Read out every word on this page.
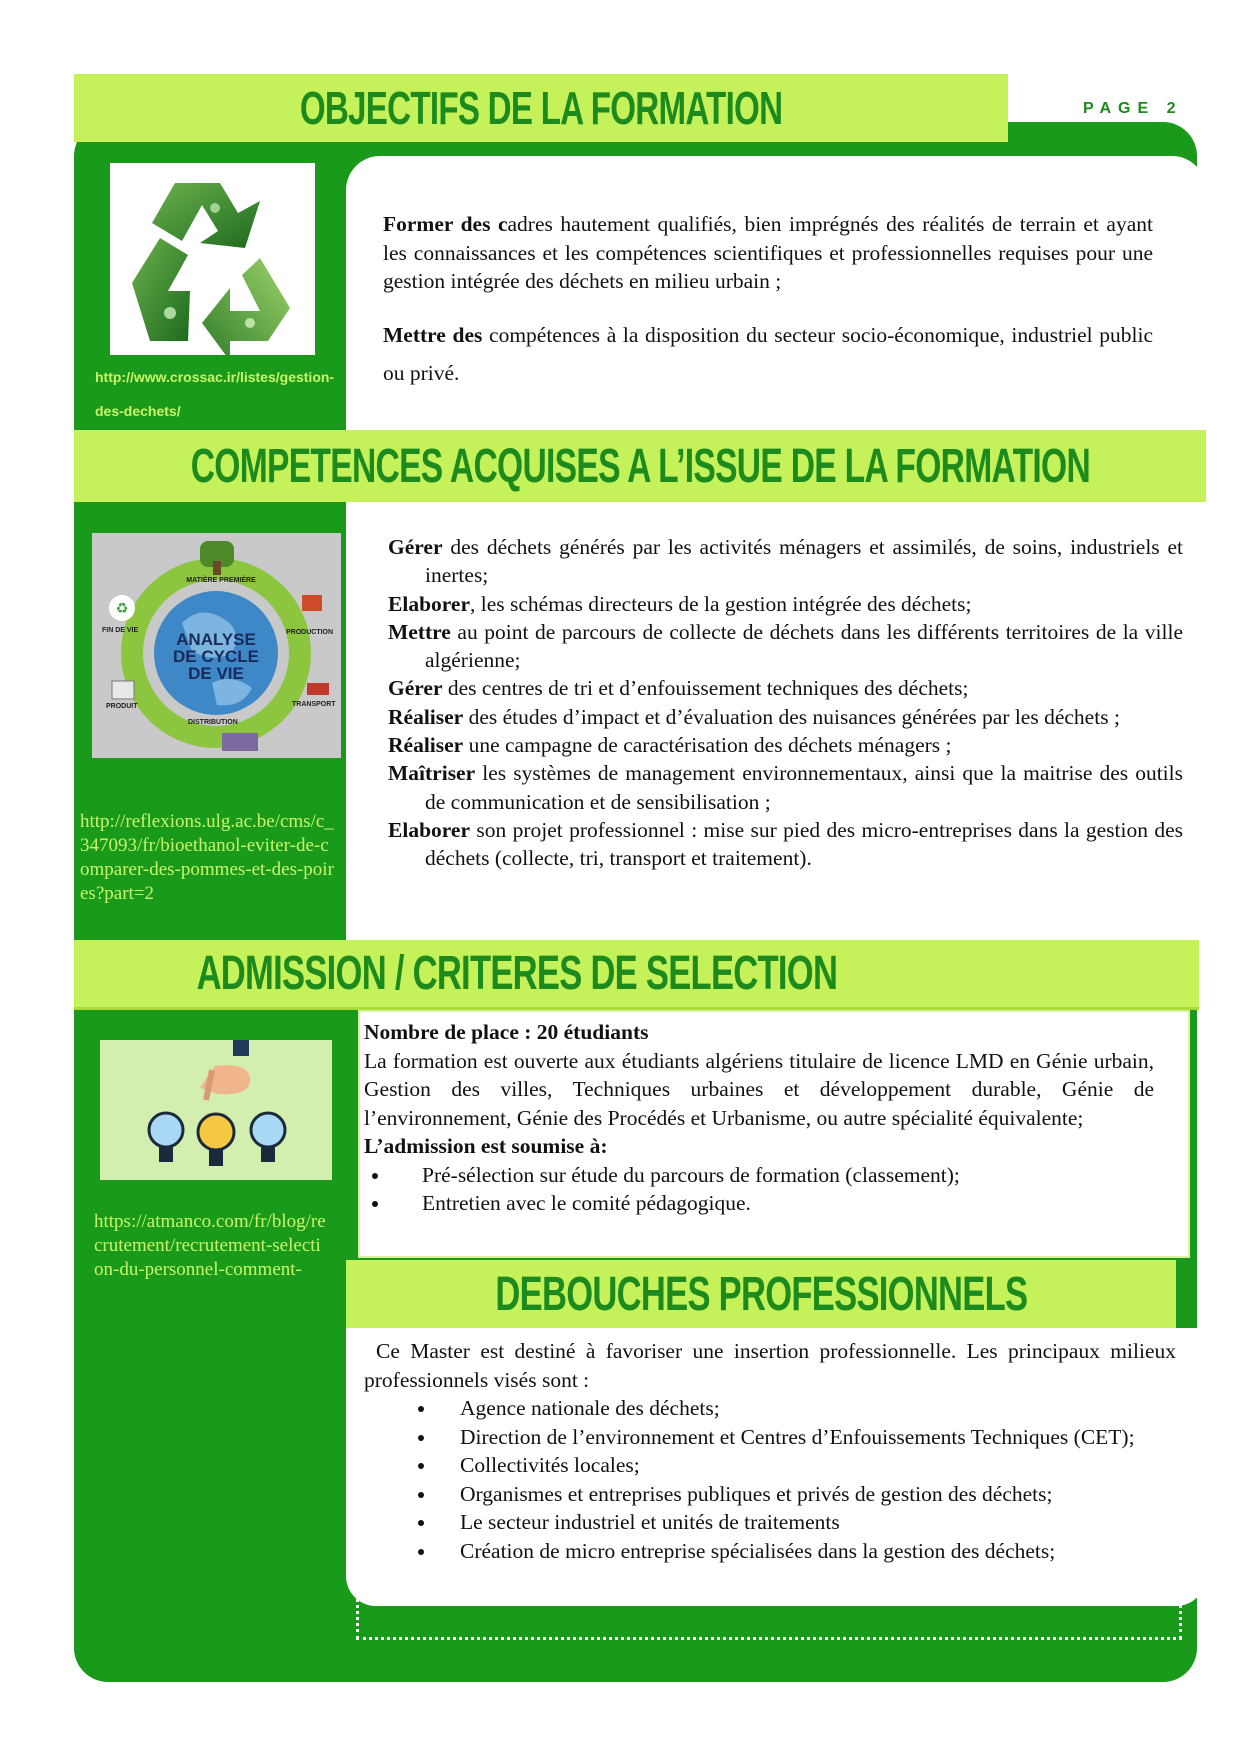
OBJECTIFS DE LA FORMATION	PAGE 2
http://www.crossac.ir/listes/gestion-des-dechets/

Former des cadres hautement qualifiés, bien imprégnés des réalités de terrain et ayant les connaissances et les compétences scientifiques et professionnelles requises pour une gestion intégrée des déchets en milieu urbain ;

Mettre des compétences à la disposition du secteur socio-économique, industriel public ou privé.

COMPETENCES ACQUISES A L’ISSUE DE LA FORMATION
♻
ANALYSE DE CYCLE DE VIE
MATIÈRE PREMIÈRE
PRODUCTION
TRANSPORT
DISTRIBUTION
PRODUIT
FIN DE VIE
http://reflexions.ulg.ac.be/cms/c_347093/fr/bioethanol-eviter-de-comparer-des-pommes-et-des-poires?part=2
Gérer des déchets générés par les activités ménagers et assimilés, de soins, industriels et inertes;
Elaborer, les schémas directeurs de la gestion intégrée des déchets;
Mettre au point de parcours de collecte de déchets dans les différents territoires de la ville algérienne;
Gérer des centres de tri et d’enfouissement techniques des déchets;
Réaliser des études d’impact et d’évaluation des nuisances générées par les déchets ;
Réaliser une campagne de caractérisation des déchets ménagers ;
Maîtriser les systèmes de management environnementaux, ainsi que la maitrise des outils de communication et de sensibilisation ;
Elaborer son projet professionnel : mise sur pied des micro-entreprises dans la gestion des déchets (collecte, tri, transport et traitement).
ADMISSION / CRITERES DE SELECTION
https://atmanco.com/fr/blog/recrutement/recrutement-selection-du-personnel-comment-
Nombre de place : 20 étudiants
La formation est ouverte aux étudiants algériens titulaire de licence LMD en Génie urbain, Gestion des villes, Techniques urbaines et développement durable, Génie de l’environnement, Génie des Procédés et Urbanisme, ou autre spécialité équivalente;
L’admission est soumise à:
Pré-sélection sur étude du parcours de formation (classement);
Entretien avec le comité pédagogique.
DEBOUCHES PROFESSIONNELS
Ce Master est destiné à favoriser une insertion professionnelle. Les principaux milieux professionnels visés sont :
Agence nationale des déchets;
Direction de l’environnement et Centres d’Enfouissements Techniques (CET);
Collectivités locales;
Organismes et entreprises publiques et privés de gestion des déchets;
Le secteur industriel et unités de traitements
Création de micro entreprise spécialisées dans la gestion des déchets;
